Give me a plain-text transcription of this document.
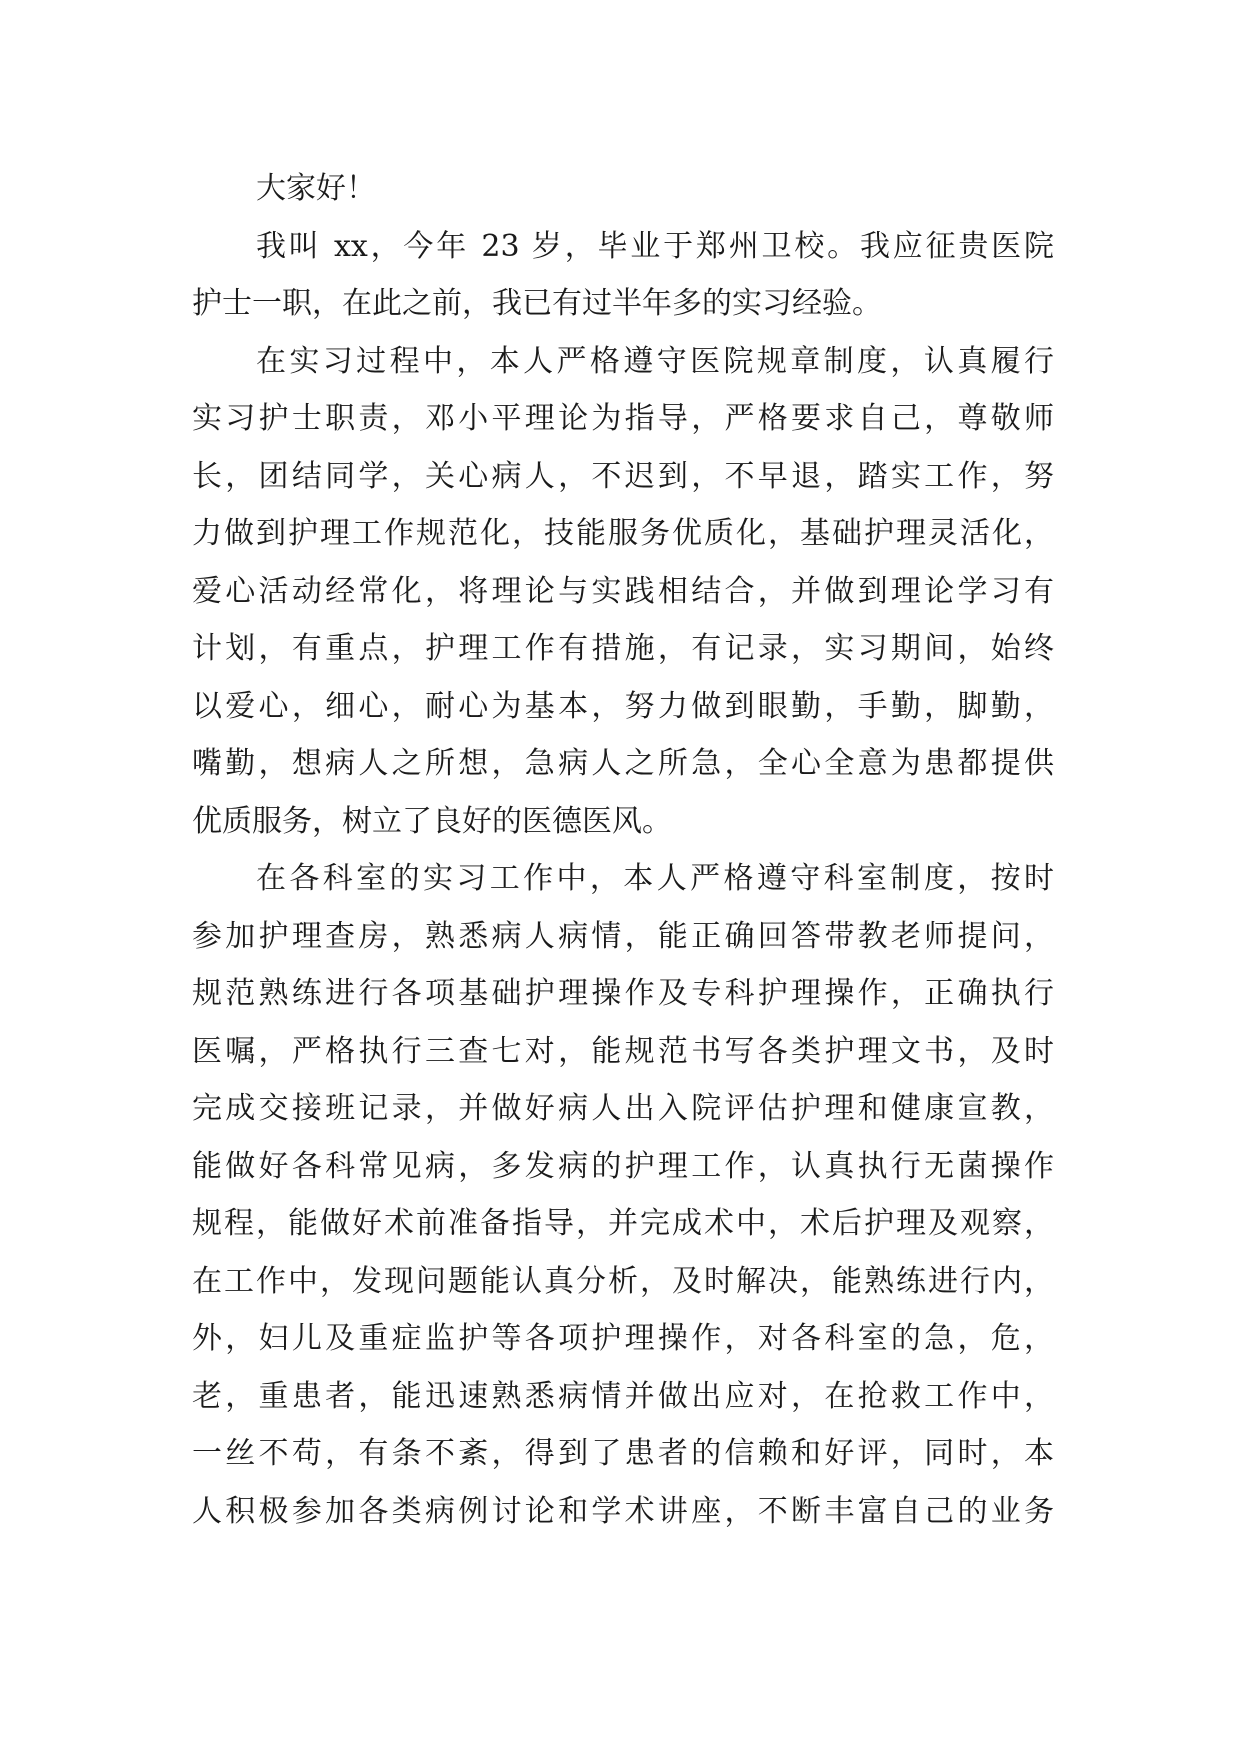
大家好！
我叫 xx，今年 23 岁，毕业于郑州卫校。我应征贵医院
护士一职，在此之前，我已有过半年多的实习经验。
在实习过程中，本人严格遵守医院规章制度，认真履行
实习护士职责，邓小平理论为指导，严格要求自己，尊敬师
长，团结同学，关心病人，不迟到，不早退，踏实工作，努
力做到护理工作规范化，技能服务优质化，基础护理灵活化，
爱心活动经常化，将理论与实践相结合，并做到理论学习有
计划，有重点，护理工作有措施，有记录，实习期间，始终
以爱心，细心，耐心为基本，努力做到眼勤，手勤，脚勤，
嘴勤，想病人之所想，急病人之所急，全心全意为患都提供
优质服务，树立了良好的医德医风。
在各科室的实习工作中，本人严格遵守科室制度，按时
参加护理查房，熟悉病人病情，能正确回答带教老师提问，
规范熟练进行各项基础护理操作及专科护理操作，正确执行
医嘱，严格执行三查七对，能规范书写各类护理文书，及时
完成交接班记录，并做好病人出入院评估护理和健康宣教，
能做好各科常见病，多发病的护理工作，认真执行无菌操作
规程，能做好术前准备指导，并完成术中，术后护理及观察，
在工作中，发现问题能认真分析，及时解决，能熟练进行内，
外，妇儿及重症监护等各项护理操作，对各科室的急，危，
老，重患者，能迅速熟悉病情并做出应对，在抢救工作中，
一丝不苟，有条不紊，得到了患者的信赖和好评，同时，本
人积极参加各类病例讨论和学术讲座，不断丰富自己的业务
